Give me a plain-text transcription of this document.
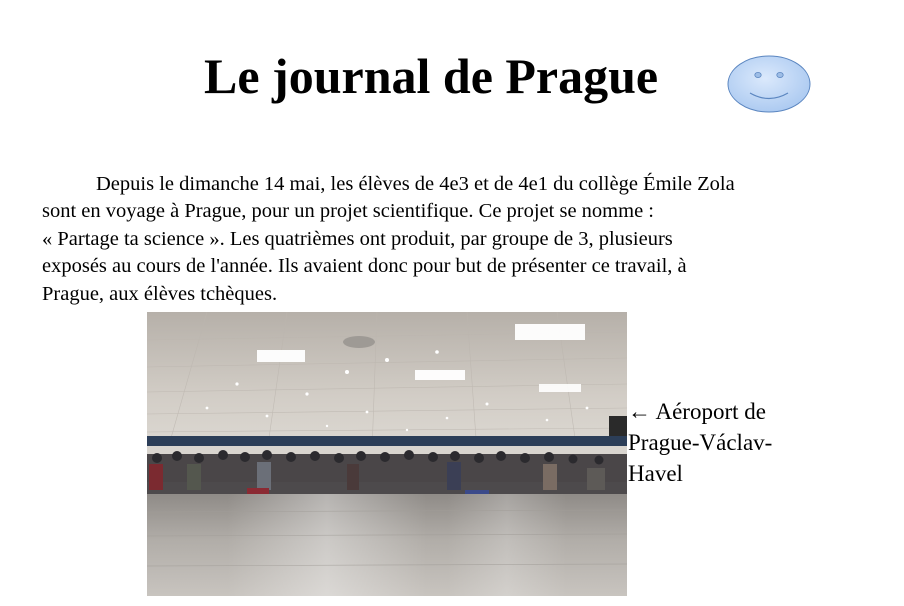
Le journal de Prague

Depuis le dimanche 14 mai, les élèves de 4e3 et de 4e1 du collège Émile Zola
sont en voyage à Prague, pour un projet scientifique. Ce projet se nomme :
« Partage ta science ». Les quatrièmes ont produit, par groupe de 3, plusieurs
exposés au cours de l'année. Ils avaient donc pour but de présenter ce travail, à
Prague, aux élèves tchèques.

← Aéroport de
Prague-Václav-
Havel
